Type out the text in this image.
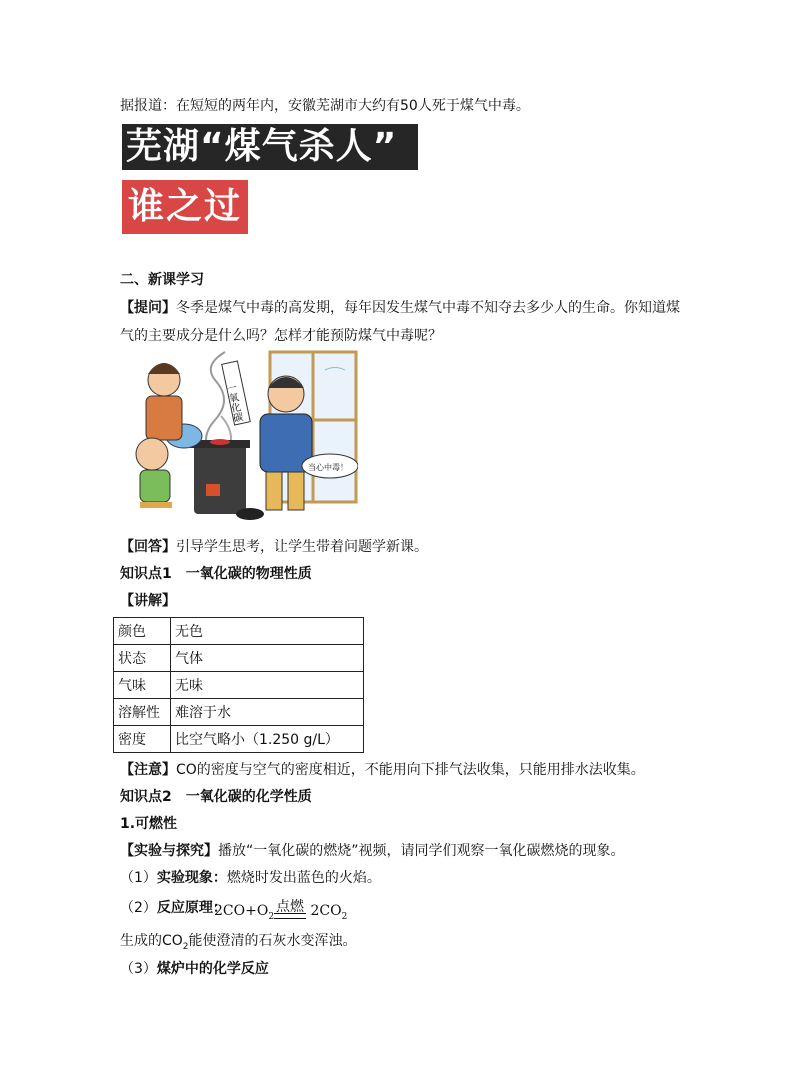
据报道：在短短的两年内，安徽芜湖市大约有50人死于煤气中毒。
芜湖“煤气杀人”
谁之过
二、新课学习
【提问】冬季是煤气中毒的高发期，每年因发生煤气中毒不知夺去多少人的生命。你知道煤
气的主要成分是什么吗？怎样才能预防煤气中毒呢？
一氧化碳
当心中毒！
【回答】引导学生思考，让学生带着问题学新课。
知识点1　一氧化碳的物理性质
【讲解】
颜色	无色
状态	气体
气味	无味
溶解性	难溶于水
密度	比空气略小（1.250 g/L）
【注意】CO的密度与空气的密度相近，不能用向下排气法收集，只能用排水法收集。
知识点2　一氧化碳的化学性质
1.可燃性
【实验与探究】播放“一氧化碳的燃烧”视频，请同学们观察一氧化碳燃烧的现象。
（1）实验现象：燃烧时发出蓝色的火焰。
（2）反应原理：
$2CO+O_2$点燃 $2CO_2$
生成的$CO_2$能使澄清的石灰水变浑浊。
（3）煤炉中的化学反应
